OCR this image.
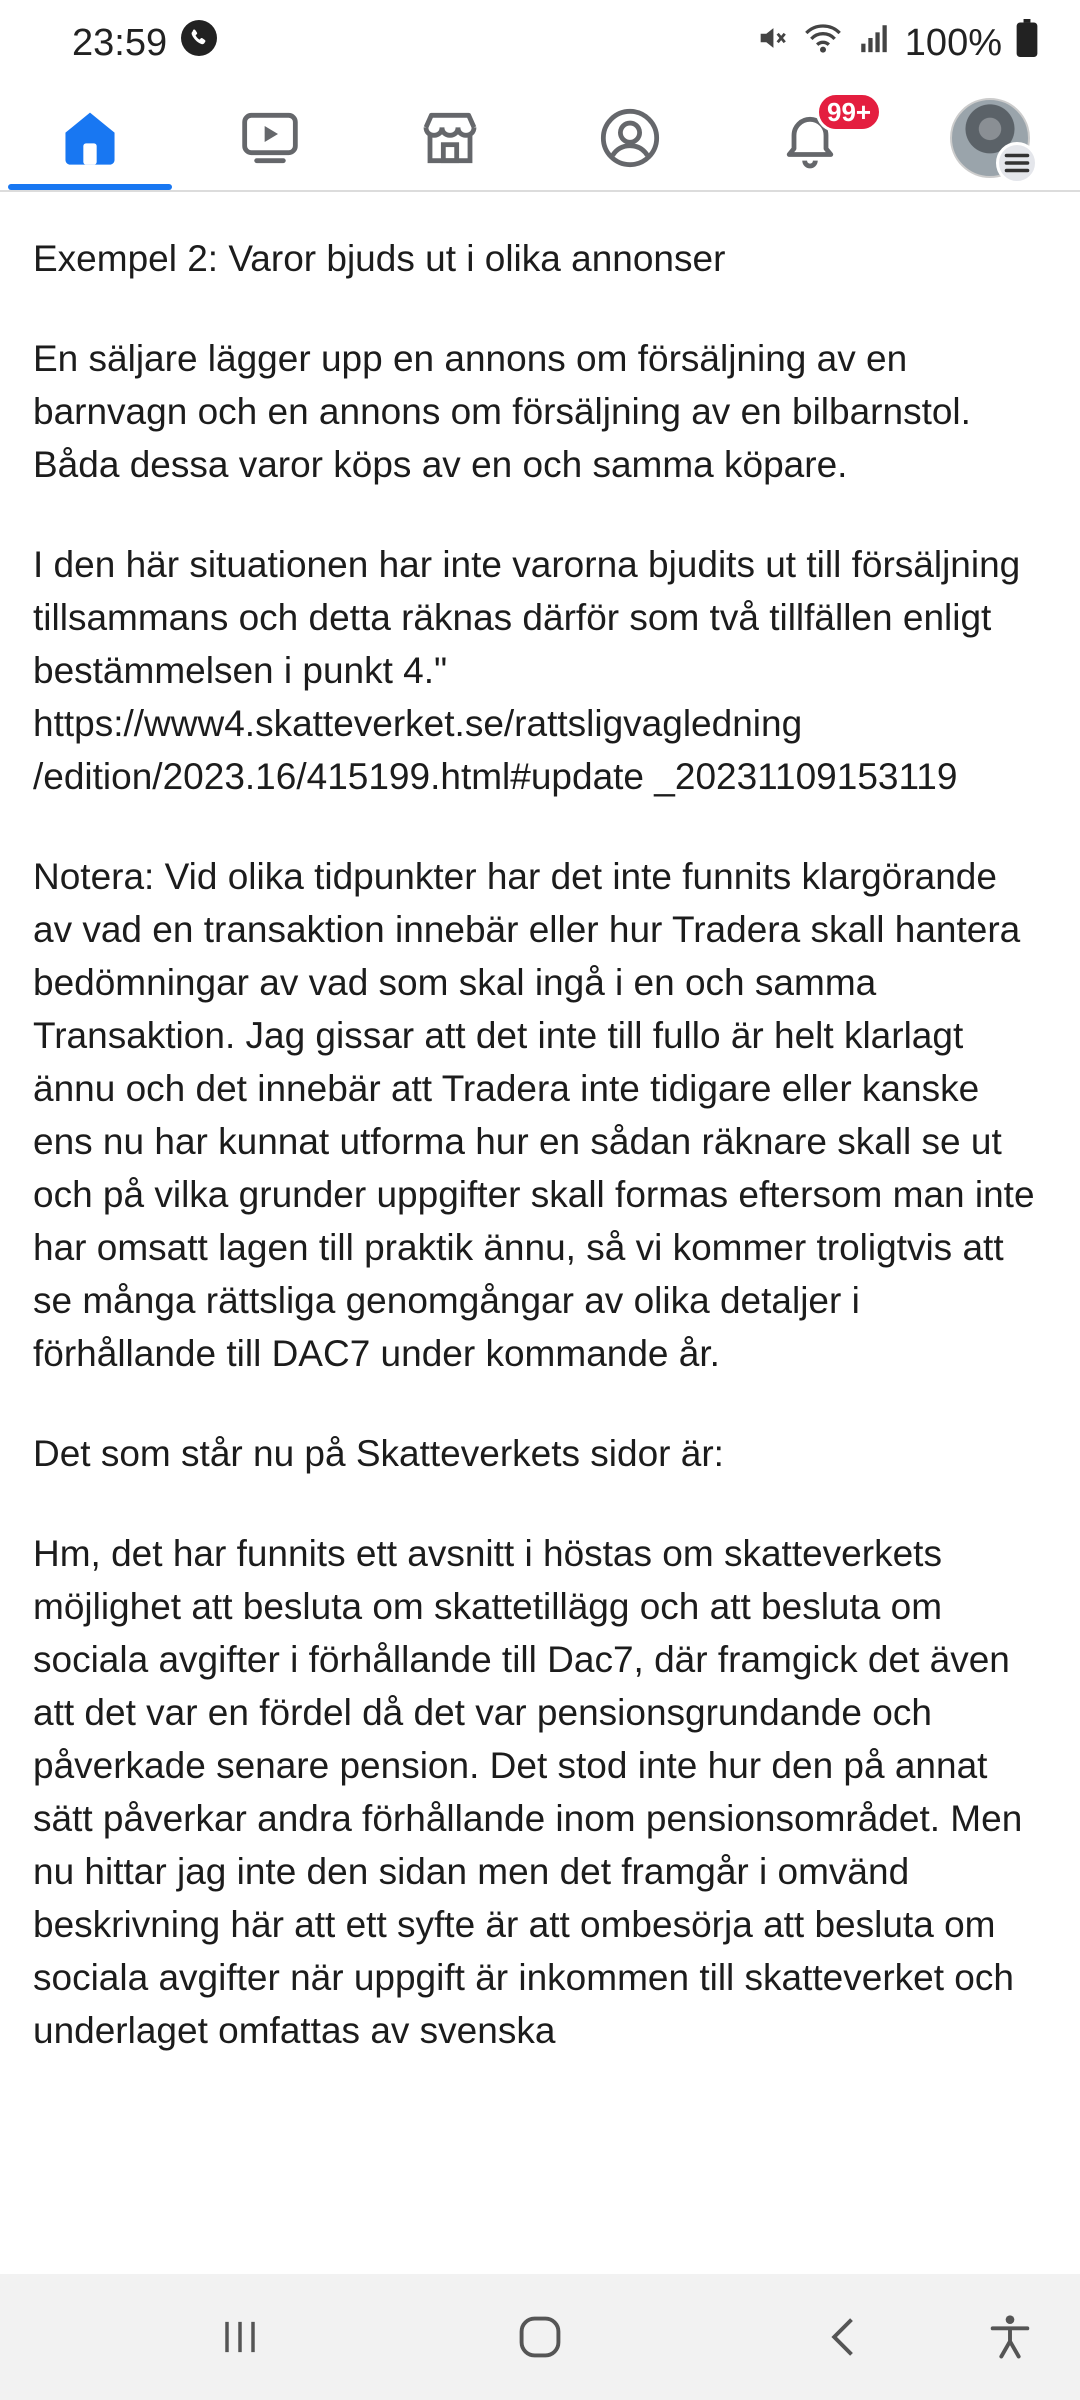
23:59	100%
99+

Exempel 2: Varor bjuds ut i olika annonser

En säljare lägger upp en annons om försäljning av en barnvagn och en annons om försäljning av en bilbarnstol. Båda dessa varor köps av en och samma köpare.

I den här situationen har inte varorna bjudits ut till försäljning tillsammans och detta räknas därför som två tillfällen enligt bestämmelsen i punkt 4." https://www4.skatteverket.se/rattsligvagledning /edition/2023.16/415199.html#update _20231109153119

Notera: Vid olika tidpunkter har det inte funnits klargörande av vad en transaktion innebär eller hur Tradera skall hantera bedömningar av vad som skal ingå i en och samma Transaktion. Jag gissar att det inte till fullo är helt klarlagt ännu och det innebär att Tradera inte tidigare eller kanske ens nu har kunnat utforma hur en sådan räknare skall se ut och på vilka grunder uppgifter skall formas eftersom man inte har omsatt lagen till praktik ännu, så vi kommer troligtvis att se många rättsliga genomgångar av olika detaljer i förhållande till DAC7 under kommande år.

Det som står nu på Skatteverkets sidor är:

Hm, det har funnits ett avsnitt i höstas om skatteverkets möjlighet att besluta om skattetillägg och att besluta om sociala avgifter i förhållande till Dac7, där framgick det även att det var en fördel då det var pensionsgrundande och påverkade senare pension. Det stod inte hur den på annat sätt påverkar andra förhållande inom pensionsområdet. Men nu hittar jag inte den sidan men det framgår i omvänd beskrivning här att ett syfte är att ombesörja att besluta om sociala avgifter när uppgift är inkommen till skatteverket och underlaget omfattas av svenska
